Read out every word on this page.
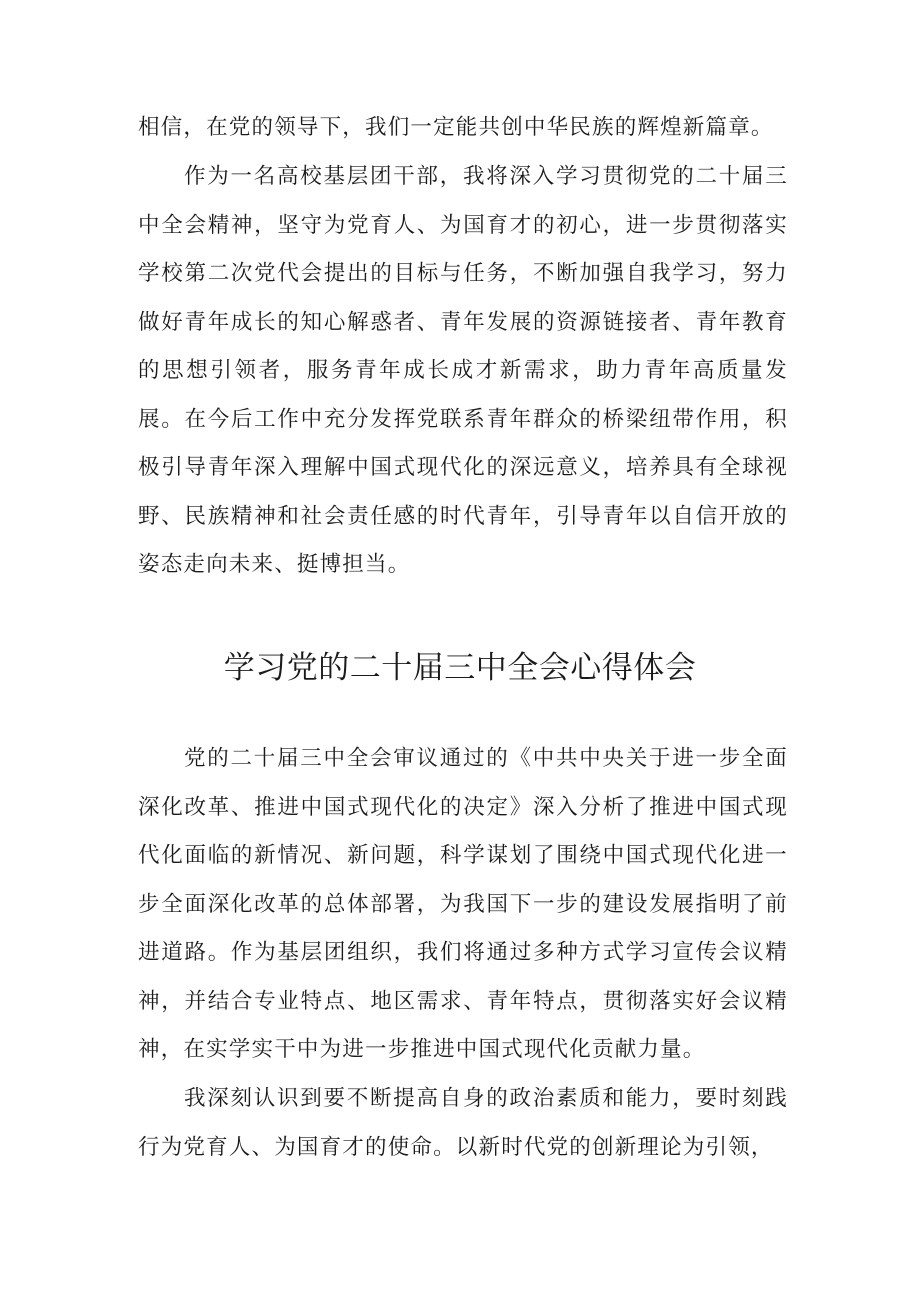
相信，在党的领导下，我们一定能共创中华民族的辉煌新篇章。

作为一名高校基层团干部，我将深入学习贯彻党的二十届三中全会精神，坚守为党育人、为国育才的初心，进一步贯彻落实学校第二次党代会提出的目标与任务，不断加强自我学习，努力做好青年成长的知心解惑者、青年发展的资源链接者、青年教育的思想引领者，服务青年成长成才新需求，助力青年高质量发展。在今后工作中充分发挥党联系青年群众的桥梁纽带作用，积极引导青年深入理解中国式现代化的深远意义，培养具有全球视野、民族精神和社会责任感的时代青年，引导青年以自信开放的姿态走向未来、挺博担当。

学习党的二十届三中全会心得体会

党的二十届三中全会审议通过的《中共中央关于进一步全面深化改革、推进中国式现代化的决定》深入分析了推进中国式现代化面临的新情况、新问题，科学谋划了围绕中国式现代化进一步全面深化改革的总体部署，为我国下一步的建设发展指明了前进道路。作为基层团组织，我们将通过多种方式学习宣传会议精神，并结合专业特点、地区需求、青年特点，贯彻落实好会议精神，在实学实干中为进一步推进中国式现代化贡献力量。

我深刻认识到要不断提高自身的政治素质和能力，要时刻践行为党育人、为国育才的使命。以新时代党的创新理论为引领，
